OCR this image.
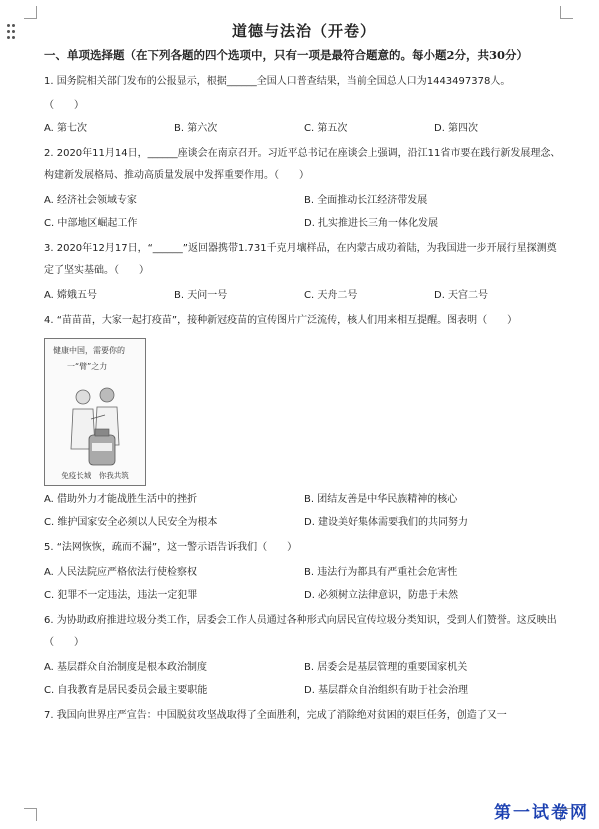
道德与法治（开卷）
一、单项选择题（在下列各题的四个选项中，只有一项是最符合题意的。每小题2分，共30分）
1. 国务院相关部门发布的公报显示，根据______全国人口普查结果，当前全国总人口为1443497378人。
（　　）
A. 第七次	B. 第六次	C. 第五次	D. 第四次
2. 2020年11月14日，______座谈会在南京召开。习近平总书记在座谈会上强调，沿江11省市要在践行新发展理念、构建新发展格局、推动高质量发展中发挥重要作用。（　　）
A. 经济社会领域专家	B. 全面推动长江经济带发展
C. 中部地区崛起工作	D. 扎实推进长三角一体化发展
3. 2020年12月17日，“______”返回器携带1.731千克月壤样品，在内蒙古成功着陆，为我国进一步开展行星探测奠定了坚实基础。（　　）
A. 嫦娥五号	B. 天问一号	C. 天舟二号	D. 天宫二号
4. “苗苗苗，大家一起打疫苗”，接种新冠疫苗的宣传图片广泛流传，核人们用来相互提醒。图表明（　　）
健康中国，需要你的
一“臂”之力
免疫长城　你我共筑
A. 借助外力才能战胜生活中的挫折	B. 团结友善是中华民族精神的核心
C. 维护国家安全必须以人民安全为根本	D. 建设美好集体需要我们的共同努力
5. “法网恢恢，疏而不漏”，这一警示语告诉我们（　　）
A. 人民法院应严格依法行使检察权	B. 违法行为都具有严重社会危害性
C. 犯罪不一定违法，违法一定犯罪	D. 必须树立法律意识，防患于未然
6. 为协助政府推进垃圾分类工作，居委会工作人员通过各种形式向居民宣传垃圾分类知识，受到人们赞誉。这反映出（　　）
A. 基层群众自治制度是根本政治制度	B. 居委会是基层管理的重要国家机关
C. 自我教育是居民委员会最主要职能	D. 基层群众自治组织有助于社会治理
7. 我国向世界庄严宣告：中国脱贫攻坚战取得了全面胜利，完成了消除绝对贫困的艰巨任务，创造了又一
第一试卷网
